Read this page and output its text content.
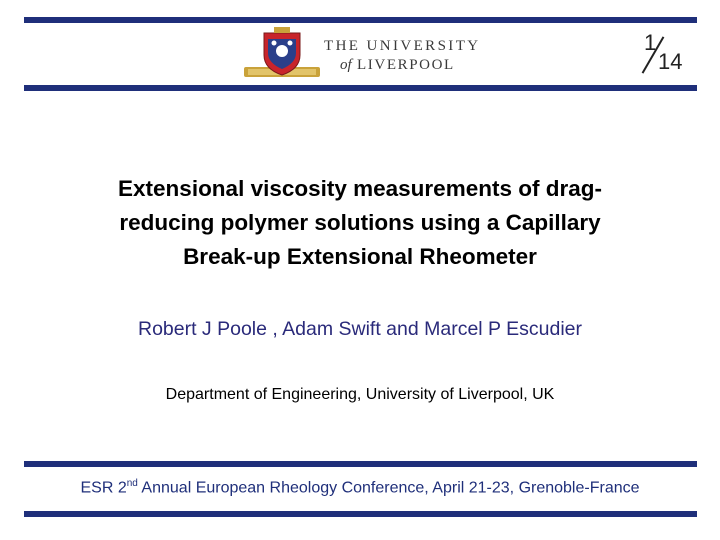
THE UNIVERSITY
of LIVERPOOL
1
14
Extensional viscosity measurements of drag-
reducing polymer solutions using a Capillary
Break-up Extensional Rheometer
Robert J Poole , Adam Swift and Marcel P Escudier
Department of Engineering, University of Liverpool, UK
ESR 2nd Annual European Rheology Conference, April 21-23, Grenoble-France
